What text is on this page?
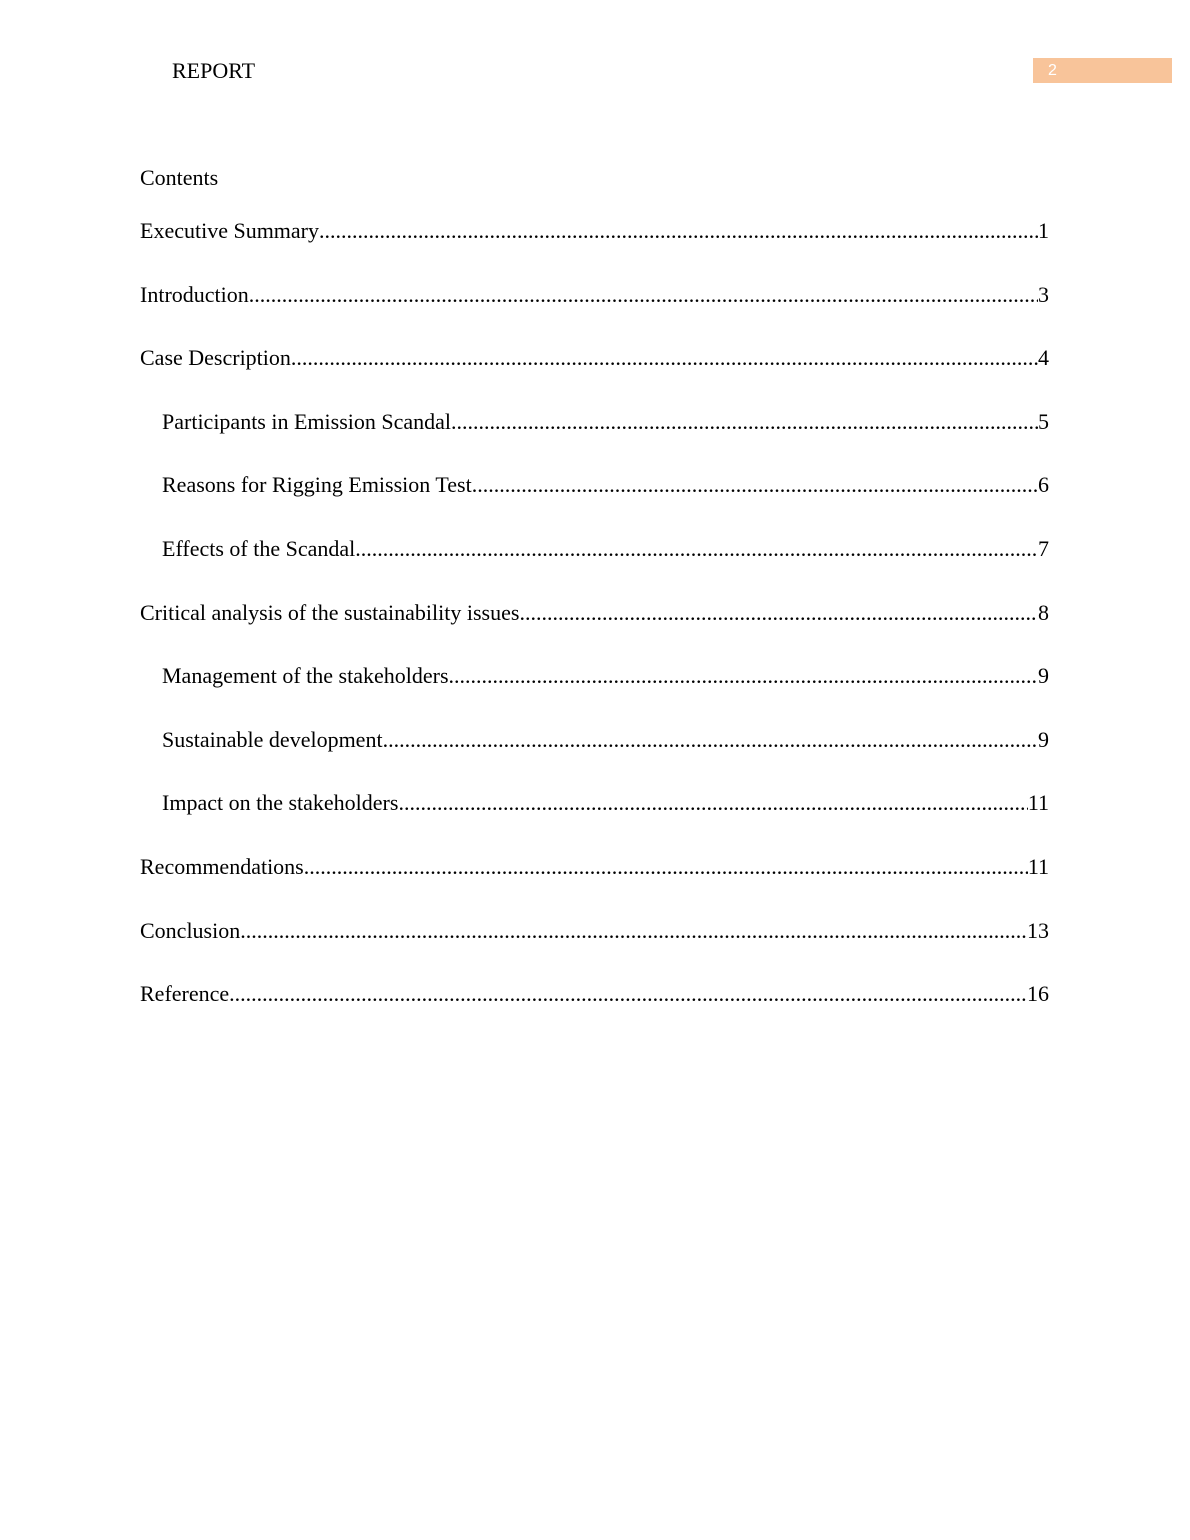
REPORT	2
Contents
Executive Summary .....	1
Introduction .....	3
Case Description .....	4
Participants in Emission Scandal .....	5
Reasons for Rigging Emission Test .....	6
Effects of the Scandal .....	7
Critical analysis of the sustainability issues .....	8
Management of the stakeholders .....	9
Sustainable development .....	9
Impact on the stakeholders .....	11
Recommendations .....	11
Conclusion .....	13
Reference .....	16
